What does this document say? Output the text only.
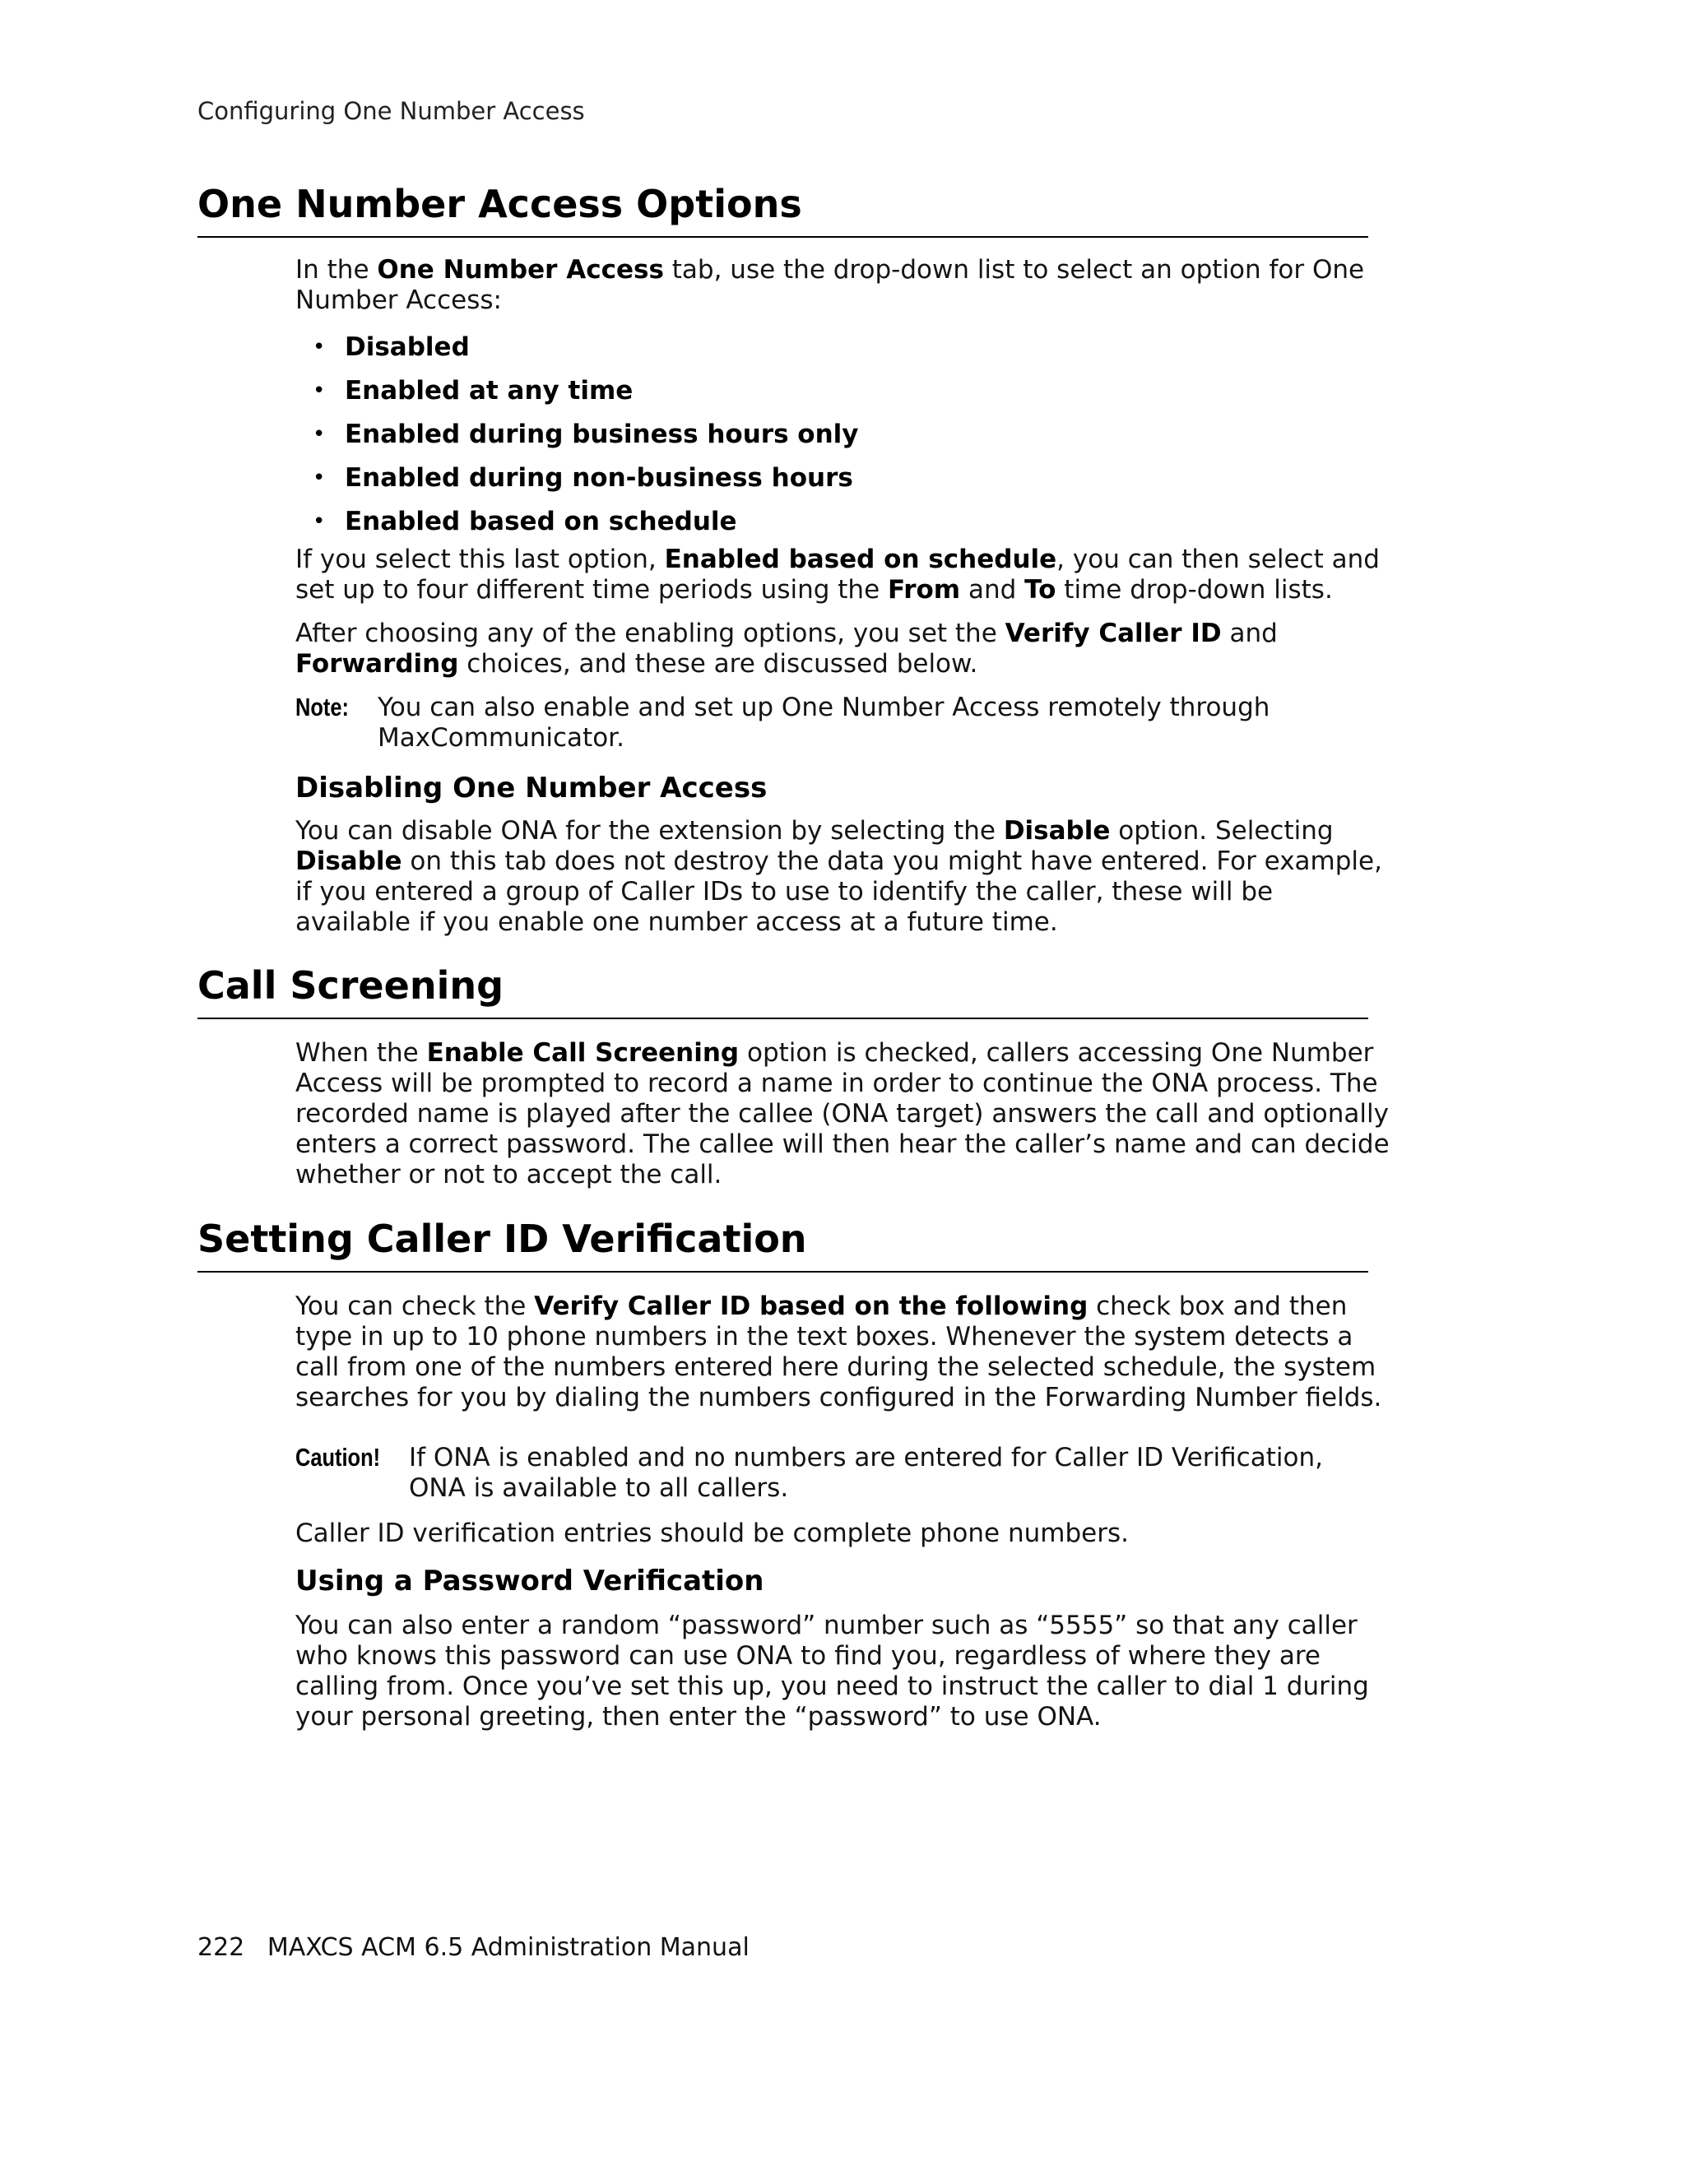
Configuring One Number Access
One Number Access Options

In the One Number Access tab, use the drop-down list to select an option for One Number Access:

• Disabled
• Enabled at any time
• Enabled during business hours only
• Enabled during non-business hours
• Enabled based on schedule

If you select this last option, Enabled based on schedule, you can then select and set up to four different time periods using the From and To time drop-down lists.

After choosing any of the enabling options, you set the Verify Caller ID and Forwarding choices, and these are discussed below.

Note: You can also enable and set up One Number Access remotely through MaxCommunicator.

Disabling One Number Access

You can disable ONA for the extension by selecting the Disable option. Selecting Disable on this tab does not destroy the data you might have entered. For example, if you entered a group of Caller IDs to use to identify the caller, these will be available if you enable one number access at a future time.

Call Screening

When the Enable Call Screening option is checked, callers accessing One Number Access will be prompted to record a name in order to continue the ONA process. The recorded name is played after the callee (ONA target) answers the call and optionally enters a correct password. The callee will then hear the caller’s name and can decide whether or not to accept the call.

Setting Caller ID Verification

You can check the Verify Caller ID based on the following check box and then type in up to 10 phone numbers in the text boxes. Whenever the system detects a call from one of the numbers entered here during the selected schedule, the system searches for you by dialing the numbers configured in the Forwarding Number fields.

Caution! If ONA is enabled and no numbers are entered for Caller ID Verification, ONA is available to all callers.

Caller ID verification entries should be complete phone numbers.

Using a Password Verification

You can also enter a random “password” number such as “5555” so that any caller who knows this password can use ONA to find you, regardless of where they are calling from. Once you’ve set this up, you need to instruct the caller to dial 1 during your personal greeting, then enter the “password” to use ONA.

222 MAXCS ACM 6.5 Administration Manual
